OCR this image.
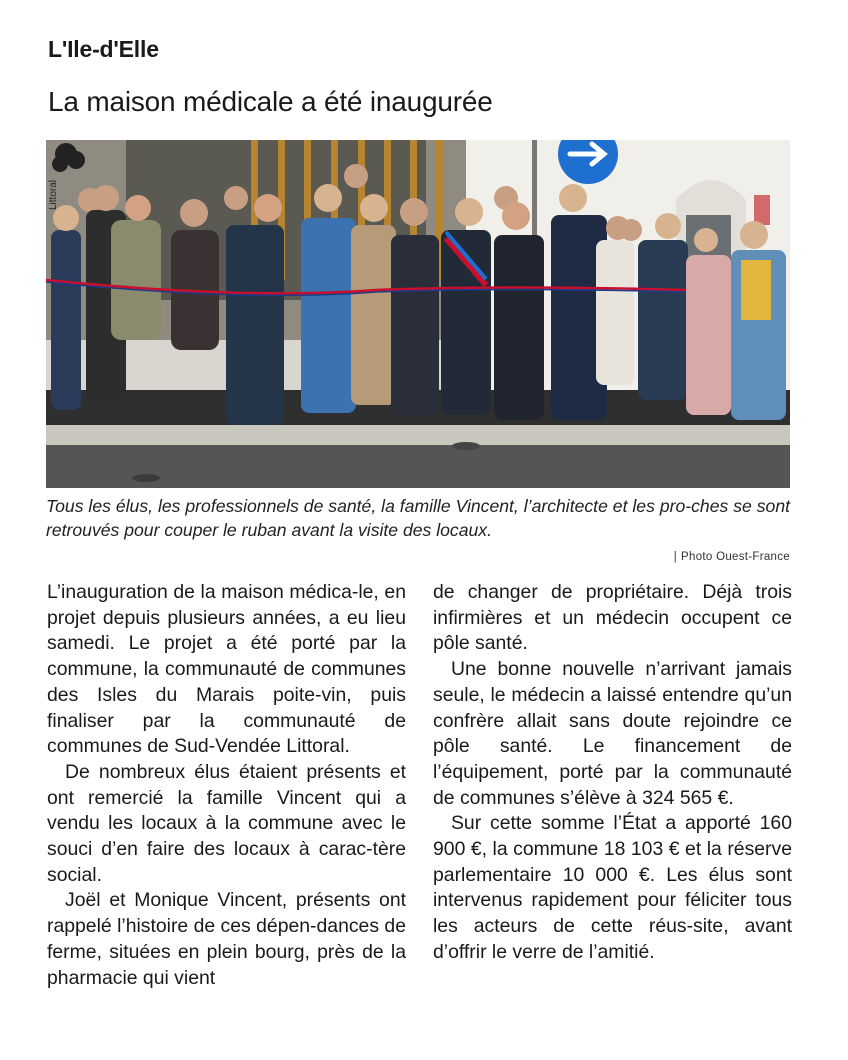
L'Ile-d'Elle
La maison médicale a été inaugurée
Littoral
Tous les élus, les professionnels de santé, la famille Vincent, l’architecte et les pro-ches se sont retrouvés pour couper le ruban avant la visite des locaux.
| Photo Ouest-France

L’inauguration de la maison médica-le, en projet depuis plusieurs années, a eu lieu samedi. Le projet a été porté par la commune, la communauté de communes des Isles du Marais poite-vin, puis finaliser par la communauté de communes de Sud-Vendée Littoral.

De nombreux élus étaient présents et ont remercié la famille Vincent qui a vendu les locaux à la commune avec le souci d’en faire des locaux à carac-tère social.

Joël et Monique Vincent, présents ont rappelé l’histoire de ces dépen-dances de ferme, situées en plein bourg, près de la pharmacie qui vient

de changer de propriétaire. Déjà trois infirmières et un médecin occupent ce pôle santé.

Une bonne nouvelle n’arrivant jamais seule, le médecin a laissé entendre qu’un confrère allait sans doute rejoindre ce pôle santé. Le financement de l’équipement, porté par la communauté de communes s’élève à 324 565 €.

Sur cette somme l’État a apporté 160 900 €, la commune 18 103 € et la réserve parlementaire 10 000 €. Les élus sont intervenus rapidement pour féliciter tous les acteurs de cette réus-site, avant d’offrir le verre de l’amitié.
